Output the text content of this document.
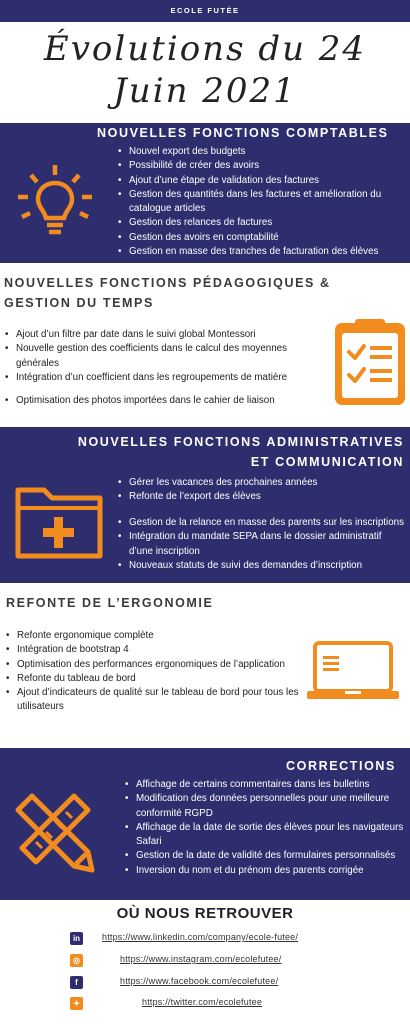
ECOLE FUTÉE
Évolutions du 24
Juin 2021
NOUVELLES FONCTIONS COMPTABLES
• Nouvel export des budgets
• Possibilité de créer des avoirs
• Ajout d’une étape de validation des factures
• Gestion des quantités dans les factures et amélioration du catalogue articles
• Gestion des relances de factures
• Gestion des avoirs en comptabilité
• Gestion en masse des tranches de facturation des élèves
NOUVELLES FONCTIONS PÉDAGOGIQUES &
GESTION DU TEMPS
• Ajout d’un filtre par date dans le suivi global Montessori
• Nouvelle gestion des coefficients dans le calcul des moyennes générales
• Intégration d’un coefficient dans les regroupements de matière
• Optimisation des photos importées dans le cahier de liaison
NOUVELLES FONCTIONS ADMINISTRATIVES
ET COMMUNICATION
• Gérer les vacances des prochaines années
• Refonte de l’export des élèves
• Gestion de la relance en masse des parents sur les inscriptions
• Intégration du mandate SEPA dans le dossier administratif d’une inscription
• Nouveaux statuts de suivi des demandes d’inscription
REFONTE DE L’ERGONOMIE
• Refonte ergonomique complète
• Intégration de bootstrap 4
• Optimisation des performances ergonomiques de l’application
• Refonte du tableau de bord
• Ajout d’indicateurs de qualité sur le tableau de bord pour tous les utilisateurs
CORRECTIONS
• Affichage de certains commentaires dans les bulletins
• Modification des données personnelles pour une meilleure conformité RGPD
• Affichage de la date de sortie des élèves pour les navigateurs Safari
• Gestion de la date de validité des formulaires personnalisés
• Inversion du nom et du prénom des parents corrigée
OÙ NOUS RETROUVER
in	https://www.linkedin.com/company/ecole-futee/
◎	https://www.instagram.com/ecolefutee/
f	https://www.facebook.com/ecolefutee/
✦	https://twitter.com/ecolefutee
